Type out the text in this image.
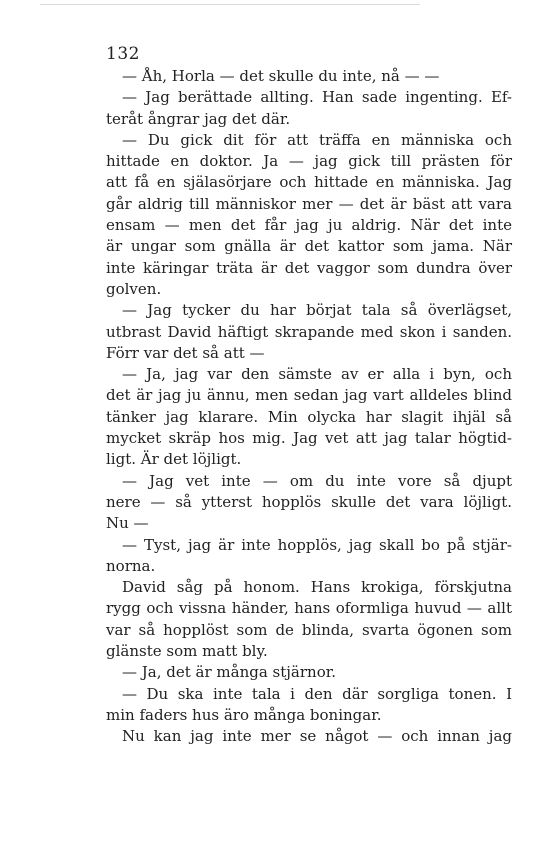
132
— Åh, Horla — det skulle du inte, nå — —
— Jag berättade allting. Han sade ingenting. Ef-
teråt ångrar jag det där.
— Du gick dit för att träffa en människa och
hittade en doktor. Ja — jag gick till prästen för
att få en själasörjare och hittade en människa. Jag
går aldrig till människor mer — det är bäst att vara
ensam — men det får jag ju aldrig. När det inte
är ungar som gnälla är det kattor som jama. När
inte käringar träta är det vaggor som dundra över
golven.
— Jag tycker du har börjat tala så överlägset,
utbrast David häftigt skrapande med skon i sanden.
Förr var det så att —
— Ja, jag var den sämste av er alla i byn, och
det är jag ju ännu, men sedan jag vart alldeles blind
tänker jag klarare. Min olycka har slagit ihjäl så
mycket skräp hos mig. Jag vet att jag talar högtid-
ligt. Är det löjligt.
— Jag vet inte — om du inte vore så djupt
nere — så ytterst hopplös skulle det vara löjligt.
Nu —
— Tyst, jag är inte hopplös, jag skall bo på stjär-
norna.
David såg på honom. Hans krokiga, förskjutna
rygg och vissna händer, hans oformliga huvud — allt
var så hopplöst som de blinda, svarta ögonen som
glänste som matt bly.
— Ja, det är många stjärnor.
— Du ska inte tala i den där sorgliga tonen. I
min faders hus äro många boningar.
Nu kan jag inte mer se något — och innan jag
